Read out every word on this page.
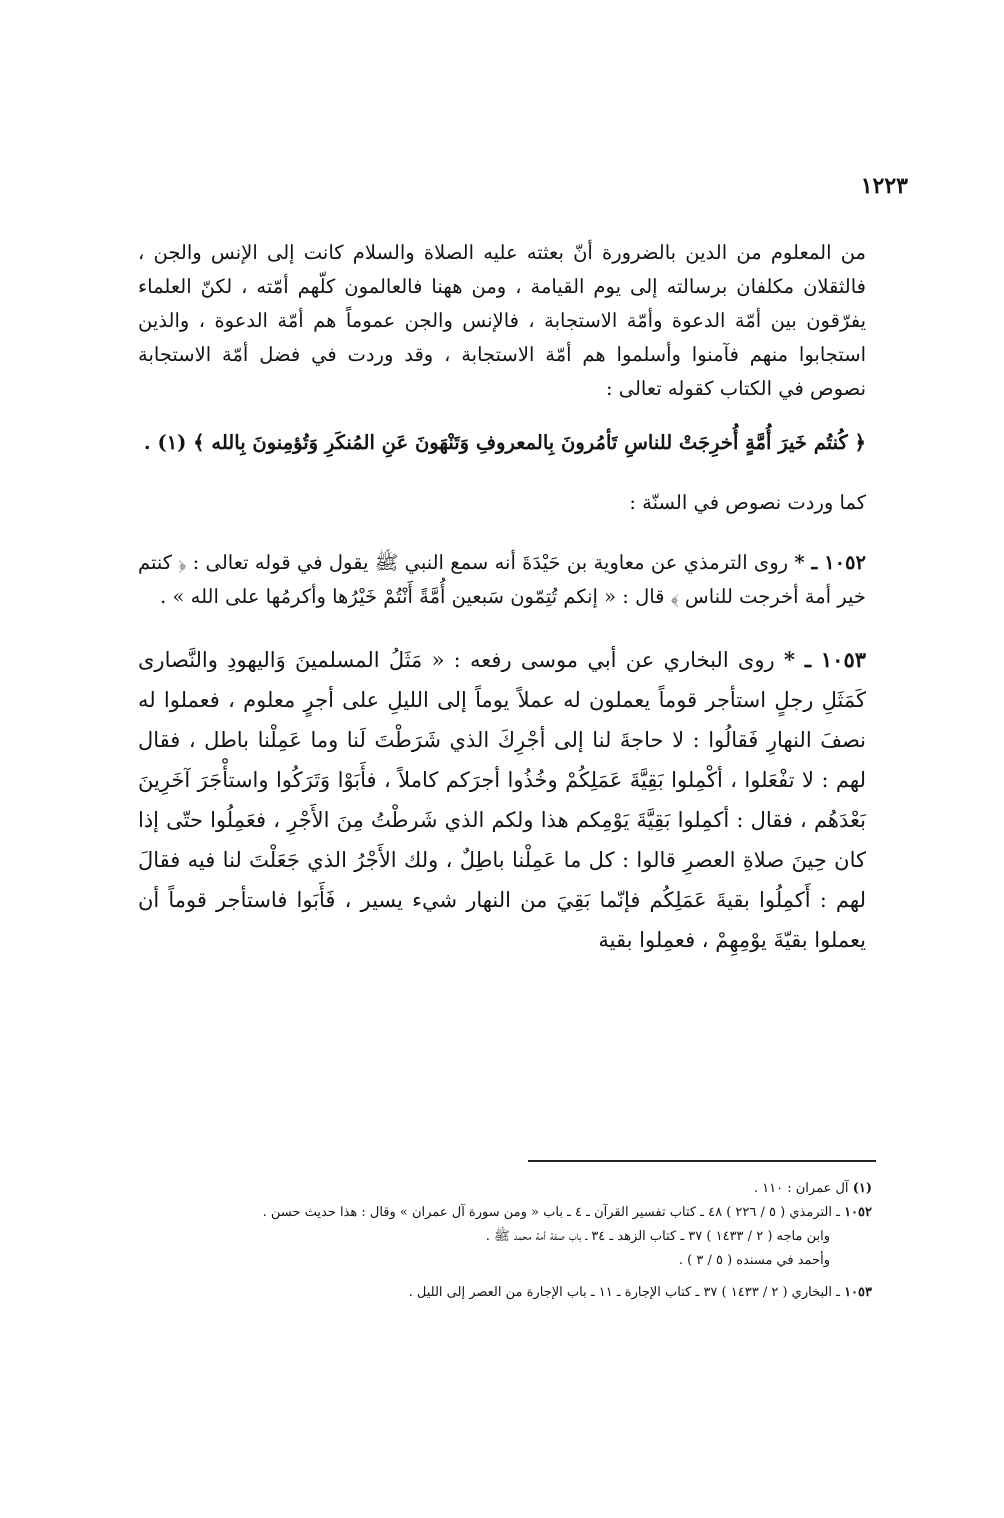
١٢٢٣

من المعلوم من الدين بالضرورة أنّ بعثته عليه الصلاة والسلام كانت إلى الإنس والجن ، فالثقلان مكلفان برسالته إلى يوم القيامة ، ومن ههنا فالعالمون كلّهم أمّته ، لكنّ العلماء يفرّقون بين أمّة الدعوة وأمّة الاستجابة ، فالإنس والجن عموماً هم أمّة الدعوة ، والذين استجابوا منهم فآمنوا وأسلموا هم أمّة الاستجابة ، وقد وردت في فضل أمّة الاستجابة نصوص في الكتاب كقوله تعالى :

﴿ كُنتُم خَيرَ أُمَّةٍ أُخرِجَتْ للناسِ تَأمُرونَ بِالمعروفِ وَتَنْهَونَ عَنِ المُنكَرِ وَتُؤمِنونَ بِالله ﴾ (١) .

كما وردت نصوص في السنّة :

١٠٥٢ ـ * روى الترمذي عن معاوية بن حَيْدَةَ أنه سمع النبي ﷺ يقول في قوله تعالى : ﴿ كنتم خير أمة أخرجت للناس ﴾ قال : « إنكم تُتِمّون سَبعين أُمَّةً أَنْتُمْ خَيْرُها وأكرمُها على الله » .

١٠٥٣ ـ * روى البخاري عن أبي موسى رفعه : « مَثَلُ المسلمينَ وَاليهودِ والنَّصارى كَمَثَلِ رجلٍ استأجر قوماً يعملون له عملاً يوماً إلى الليلِ على أجرٍ معلوم ، فعملوا له نصفَ النهارِ فَقالُوا : لا حاجةَ لنا إلى أجْرِكَ الذي شَرَطْتَ لَنا وما عَمِلْنا باطل ، فقال لهم : لا تفْعَلوا ، أكْمِلوا بَقِيَّةَ عَمَلِكُمْ وخُذُوا أجرَكم كاملاً ، فأَبَوْا وَتَرَكُوا واستأْجَرَ آخَرِينَ بَعْدَهُم ، فقال : أكمِلوا بَقِيَّةَ يَوْمِكم هذا ولكم الذي شَرطْتُ مِنَ الأَجْرِ ، فعَمِلُوا حتّى إذا كان حِينَ صلاةِ العصرِ قالوا : كل ما عَمِلْنا باطِلٌ ، ولك الأَجْرُ الذي جَعَلْتَ لنا فيه فقالَ لهم : أَكمِلُوا بقيةَ عَمَلِكُم فإنّما بَقِيَ من النهار شيء يسير ، فَأَبَوا فاستأجر قوماً أن يعملوا بقيّةَ يوْمِهِمْ ، فعمِلوا بقية

(١) آل عمران : ١١٠ .

١٠٥٢ ـ الترمذي ( ٥ / ٢٢٦ ) ٤٨ ـ كتاب تفسير القرآن ـ ٤ ـ باب « ومن سورة آل عمران » وقال : هذا حديث حسن .

وابن ماجه ( ٢ / ١٤٣٣ ) ٣٧ ـ كتاب الزهد ـ ٣٤ ـ باب صفة أمة محمد ﷺ .

وأحمد في مسنده ( ٥ / ٣ ) .

١٠٥٣ ـ البخاري ( ٢ / ١٤٣٣ ) ٣٧ ـ كتاب الإجارة ـ ١١ ـ باب الإجارة من العصر إلى الليل .
